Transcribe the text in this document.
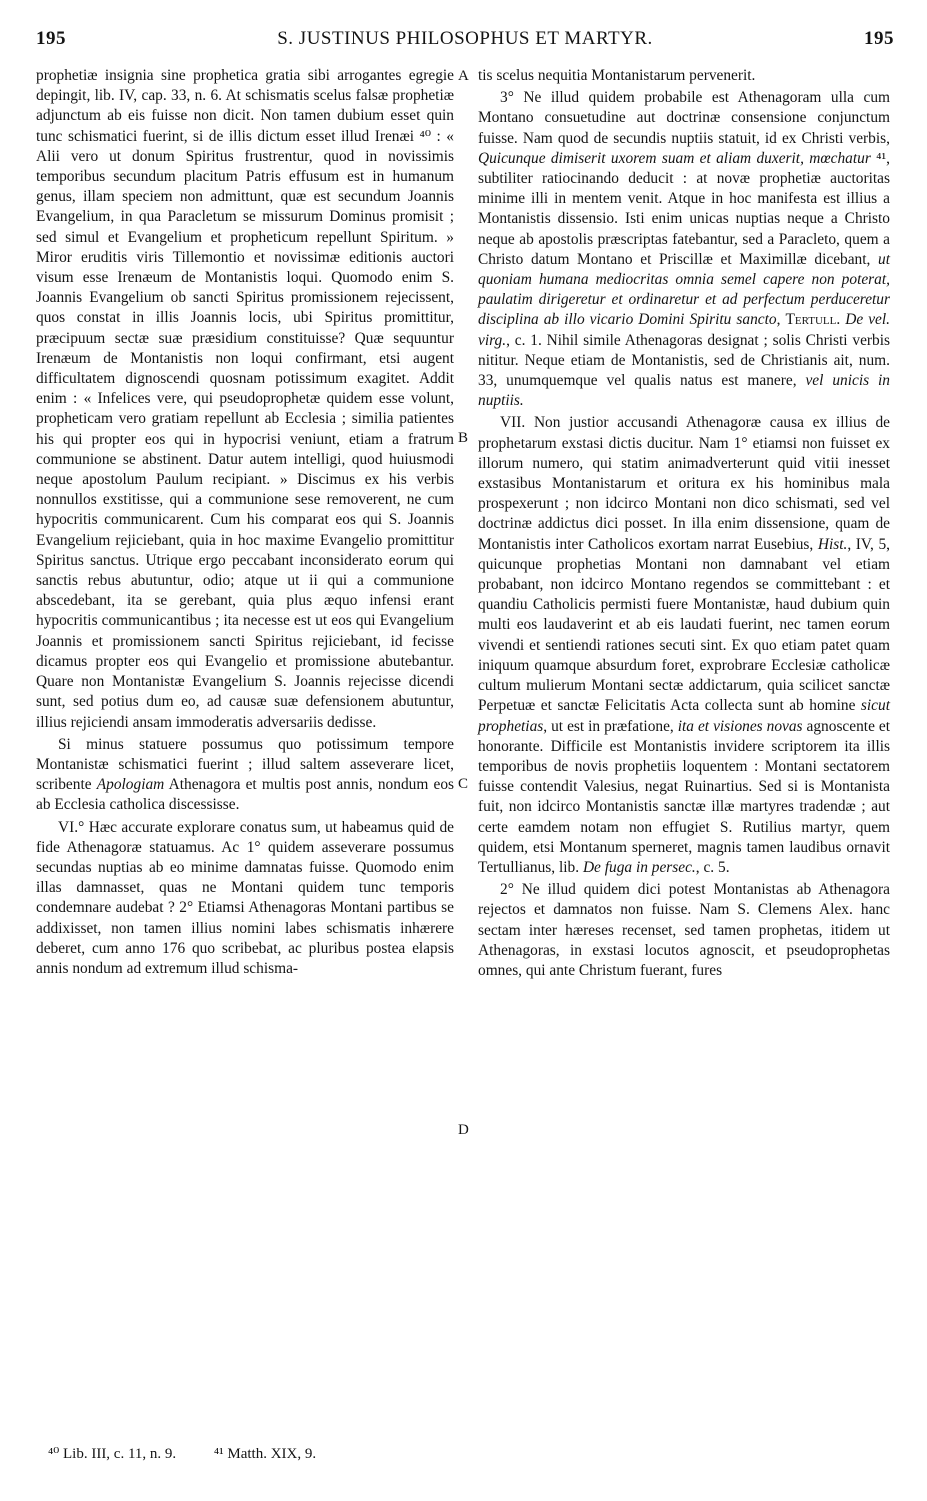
195	S. JUSTINUS PHILOSOPHUS ET MARTYR.	195

prophetiæ insignia sine prophetica gratia sibi arrogantes egregie depingit, lib. IV, cap. 33, n. 6. At schismatis scelus falsæ prophetiæ adjunctum ab eis fuisse non dicit. Non tamen dubium esset quin tunc schismatici fuerint, si de illis dictum esset illud Irenæi ⁴⁰ : « Alii vero ut donum Spiritus frustrentur, quod in novissimis temporibus secundum placitum Patris effusum est in humanum genus, illam speciem non admittunt, quæ est secundum Joannis Evangelium, in qua Paracletum se missurum Dominus promisit ; sed simul et Evangelium et propheticum repellunt Spiritum. » Miror eruditis viris Tillemontio et novissimæ editionis auctori visum esse Irenæum de Montanistis loqui. Quomodo enim S. Joannis Evangelium ob sancti Spiritus promissionem rejecissent, quos constat in illis Joannis locis, ubi Spiritus promittitur, præcipuum sectæ suæ præsidium constituisse? Quæ sequuntur Irenæum de Montanistis non loqui confirmant, etsi augent difficultatem dignoscendi quosnam potissimum exagitet. Addit enim : « Infelices vere, qui pseudoprophetæ quidem esse volunt, propheticam vero gratiam repellunt ab Ecclesia ; similia patientes his qui propter eos qui in hypocrisi veniunt, etiam a fratrum communione se abstinent. Datur autem intelligi, quod huiusmodi neque apostolum Paulum recipiant. » Discimus ex his verbis nonnullos exstitisse, qui a communione sese removerent, ne cum hypocritis communicarent. Cum his comparat eos qui S. Joannis Evangelium rejiciebant, quia in hoc maxime Evangelio promittitur Spiritus sanctus. Utrique ergo peccabant inconsiderato eorum qui sanctis rebus abutuntur, odio; atque ut ii qui a communione abscedebant, ita se gerebant, quia plus æquo infensi erant hypocritis communicantibus ; ita necesse est ut eos qui Evangelium Joannis et promissionem sancti Spiritus rejiciebant, id fecisse dicamus propter eos qui Evangelio et promissione abutebantur. Quare non Montanistæ Evangelium S. Joannis rejecisse dicendi sunt, sed potius dum eo, ad causæ suæ defensionem abutuntur, illius rejiciendi ansam immoderatis adversariis dedisse.

Si minus statuere possumus quo potissimum tempore Montanistæ schismatici fuerint ; illud saltem asseverare licet, scribente Apologiam Athenagora et multis post annis, nondum eos ab Ecclesia catholica discessisse.

VI.° Hæc accurate explorare conatus sum, ut habeamus quid de fide Athenagoræ statuamus. Ac 1° quidem asseverare possumus secundas nuptias ab eo minime damnatas fuisse. Quomodo enim illas damnasset, quas ne Montani quidem tunc temporis condemnare audebat ? 2° Etiamsi Athenagoras Montani partibus se addixisset, non tamen illius nomini labes schismatis inhærere deberet, cum anno 176 quo scribebat, ac pluribus postea elapsis annis nondum ad extremum illud schisma-

A
B
C
D

tis scelus nequitia Montanistarum pervenerit.

3° Ne illud quidem probabile est Athenagoram ulla cum Montano consuetudine aut doctrinæ consensione conjunctum fuisse. Nam quod de secundis nuptiis statuit, id ex Christi verbis, Quicunque dimiserit uxorem suam et aliam duxerit, mœchatur ⁴¹, subtiliter ratiocinando deducit : at novæ prophetiæ auctoritas minime illi in mentem venit. Atque in hoc manifesta est illius a Montanistis dissensio. Isti enim unicas nuptias neque a Christo neque ab apostolis præscriptas fatebantur, sed a Paracleto, quem a Christo datum Montano et Priscillæ et Maximillæ dicebant, ut quoniam humana mediocritas omnia semel capere non poterat, paulatim dirigeretur et ordinaretur et ad perfectum perduceretur disciplina ab illo vicario Domini Spiritu sancto, Tertull. De vel. virg., c. 1. Nihil simile Athenagoras designat ; solis Christi verbis nititur. Neque etiam de Montanistis, sed de Christianis ait, num. 33, unumquemque vel qualis natus est manere, vel unicis in nuptiis.

VII. Non justior accusandi Athenagoræ causa ex illius de prophetarum exstasi dictis ducitur. Nam 1° etiamsi non fuisset ex illorum numero, qui statim animadverterunt quid vitii inesset exstasibus Montanistarum et oritura ex his hominibus mala prospexerunt ; non idcirco Montani non dico schismati, sed vel doctrinæ addictus dici posset. In illa enim dissensione, quam de Montanistis inter Catholicos exortam narrat Eusebius, Hist., IV, 5, quicunque prophetias Montani non damnabant vel etiam probabant, non idcirco Montano regendos se committebant : et quandiu Catholicis permisti fuere Montanistæ, haud dubium quin multi eos laudaverint et ab eis laudati fuerint, nec tamen eorum vivendi et sentiendi rationes secuti sint. Ex quo etiam patet quam iniquum quamque absurdum foret, exprobrare Ecclesiæ catholicæ cultum mulierum Montani sectæ addictarum, quia scilicet sanctæ Perpetuæ et sanctæ Felicitatis Acta collecta sunt ab homine sicut prophetias, ut est in præfatione, ita et visiones novas agnoscente et honorante. Difficile est Montanistis invidere scriptorem ita illis temporibus de novis prophetiis loquentem : Montani sectatorem fuisse contendit Valesius, negat Ruinartius. Sed si is Montanista fuit, non idcirco Montanistis sanctæ illæ martyres tradendæ ; aut certe eamdem notam non effugiet S. Rutilius martyr, quem quidem, etsi Montanum sperneret, magnis tamen laudibus ornavit Tertullianus, lib. De fuga in persec., c. 5.

2° Ne illud quidem dici potest Montanistas ab Athenagora rejectos et damnatos non fuisse. Nam S. Clemens Alex. hanc sectam inter hæreses recenset, sed tamen prophetas, itidem ut Athenagoras, in exstasi locutos agnoscit, et pseudoprophetas omnes, qui ante Christum fuerant, fures

⁴⁰ Lib. III, c. 11, n. 9.	⁴¹ Matth. XIX, 9.
